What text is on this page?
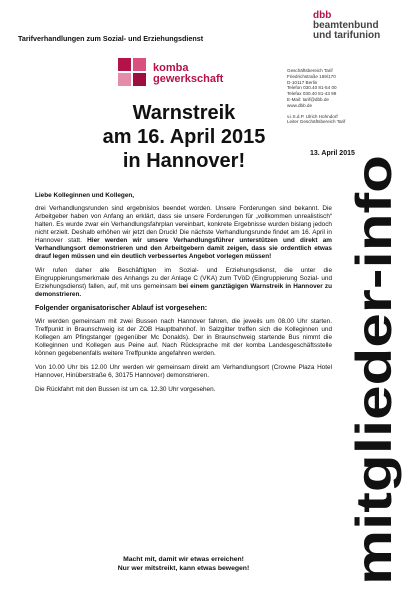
Tarifverhandlungen zum Sozial- und Erziehungsdienst
dbb
beamtenbund
und tarifunion
komba
gewerkschaft
Geschäftsbereich Tarif
Friedrichstraße 169/170
D-10117 Berlin
Telefon 030.40 81-54 00
Telefax 030.40 81-43 99
E-Mail: tarif@dbb.de
www.dbb.de
v.i.S.d.P. Ulrich Hohndorf
Leiter Geschäftsbereich Tarif
Warnstreik
am 16. April 2015
in Hannover!	13. April 2015

Liebe Kolleginnen und Kollegen,

drei Verhandlungsrunden sind ergebnislos beendet worden. Unsere Forderungen sind bekannt. Die Arbeitgeber haben von Anfang an erklärt, dass sie unsere Forderungen für „vollkommen unrealistisch“ halten. Es wurde zwar ein Verhandlungsfahrplan vereinbart, konkrete Ergebnisse wurden bislang jedoch nicht erzielt. Deshalb erhöhen wir jetzt den Druck! Die nächste Verhandlungsrunde findet am 16. April in Hannover statt. Hier werden wir unsere Verhandlungsführer unterstützen und direkt am Verhandlungsort demonstrieren und den Arbeitgebern damit zeigen, dass sie ordentlich etwas drauf legen müssen und ein deutlich verbessertes Angebot vorlegen müssen!

Wir rufen daher alle Beschäftigten im Sozial- und Erziehungsdienst, die unter die Eingruppierungsmerkmale des Anhangs zu der Anlage C (VKA) zum TVöD (Eingruppierung Sozial- und Erziehungsdienst) fallen, auf, mit uns gemeinsam bei einem ganztägigen Warnstreik in Hannover zu demonstrieren.

Folgender organisatorischer Ablauf ist vorgesehen:

Wir werden gemeinsam mit zwei Bussen nach Hannover fahren, die jeweils um 08.00 Uhr starten. Treffpunkt in Braunschweig ist der ZOB Hauptbahnhof. In Salzgitter treffen sich die Kolleginnen und Kollegen am Pfingstanger (gegenüber Mc Donalds). Der in Braunschweig startende Bus nimmt die Kolleginnen und Kollegen aus Peine auf. Nach Rücksprache mit der komba Landesgeschäftsstelle können gegebenenfalls weitere Treffpunkte angefahren werden.

Von 10.00 Uhr bis 12.00 Uhr werden wir gemeinsam direkt am Verhandlungsort (Crowne Plaza Hotel Hannover, Hinüberstraße 6, 30175 Hannover) demonstrieren.

Die Rückfahrt mit den Bussen ist um ca. 12.30 Uhr vorgesehen.

Macht mit, damit wir etwas erreichen!
Nur wer mitstreikt, kann etwas bewegen!	mitglieder-info
